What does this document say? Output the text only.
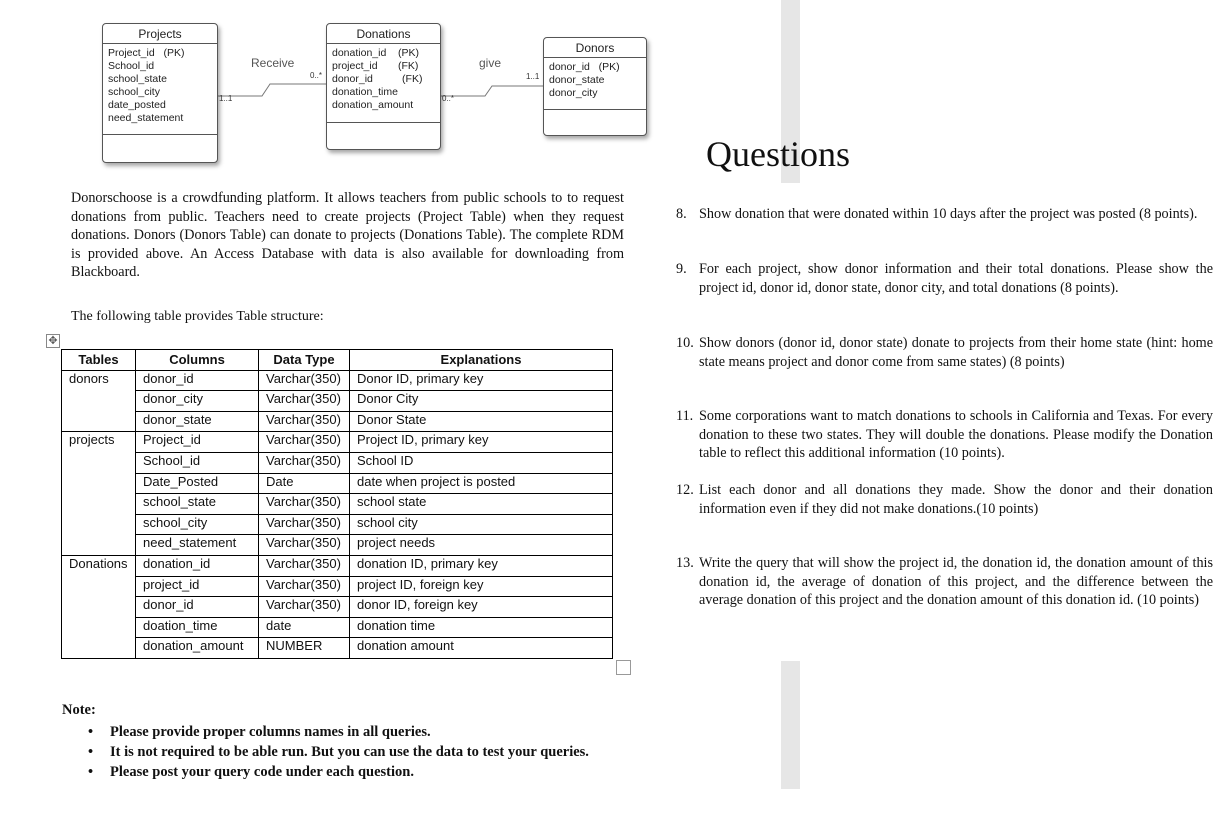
Projects
Project_id   (PK)
School_id
school_state
school_city
date_posted
need_statement
Donations
donation_id    (PK)
project_id       (FK)
donor_id          (FK)
donation_time
donation_amount
Donors
donor_id   (PK)
donor_state
donor_city
Receive	give
1..1
0..*
0..*
1..1
Donorschoose is a crowdfunding platform. It allows teachers from public schools to to request donations from public. Teachers need to create projects (Project Table) when they request donations. Donors (Donors Table) can donate to projects (Donations Table). The complete RDM is provided above. An Access Database with data is also available for downloading from Blackboard.
The following table provides Table structure:
✥
Tables	Columns	Data Type	Explanations
donors	donor_id	Varchar(350)	Donor ID, primary key
	donor_city	Varchar(350)	Donor City
	donor_state	Varchar(350)	Donor State
projects	Project_id	Varchar(350)	Project ID, primary key
	School_id	Varchar(350)	School ID
	Date_Posted	Date	date when project is posted
	school_state	Varchar(350)	school state
	school_city	Varchar(350)	school city
	need_statement	Varchar(350)	project needs
Donations	donation_id	Varchar(350)	donation ID, primary key
	project_id	Varchar(350)	project ID, foreign key
	donor_id	Varchar(350)	donor ID, foreign key
	doation_time	date	donation time
	donation_amount	NUMBER	donation amount
Note:
• Please provide proper columns names in all queries.
• It is not required to be able run. But you can use the data to test your queries.
• Please post your query code under each question.
Questions
8. Show donation that were donated within 10 days after the project was posted (8 points).
9. For each project, show donor information and their total donations. Please show the project id, donor id, donor state, donor city, and total donations (8 points).
10. Show donors (donor id, donor state) donate to projects from their home state (hint: home state means project and donor come from same states) (8 points)
11. Some corporations want to match donations to schools in California and Texas. For every donation to these two states. They will double the donations. Please modify the Donation table to reflect this additional information (10 points).
12. List each donor and all donations they made. Show the donor and their donation information even if they did not make donations.(10 points)
13. Write the query that will show the project id, the donation id, the donation amount of this donation id, the average of donation of this project, and the difference between the average donation of this project and the donation amount of this donation id. (10 points)
